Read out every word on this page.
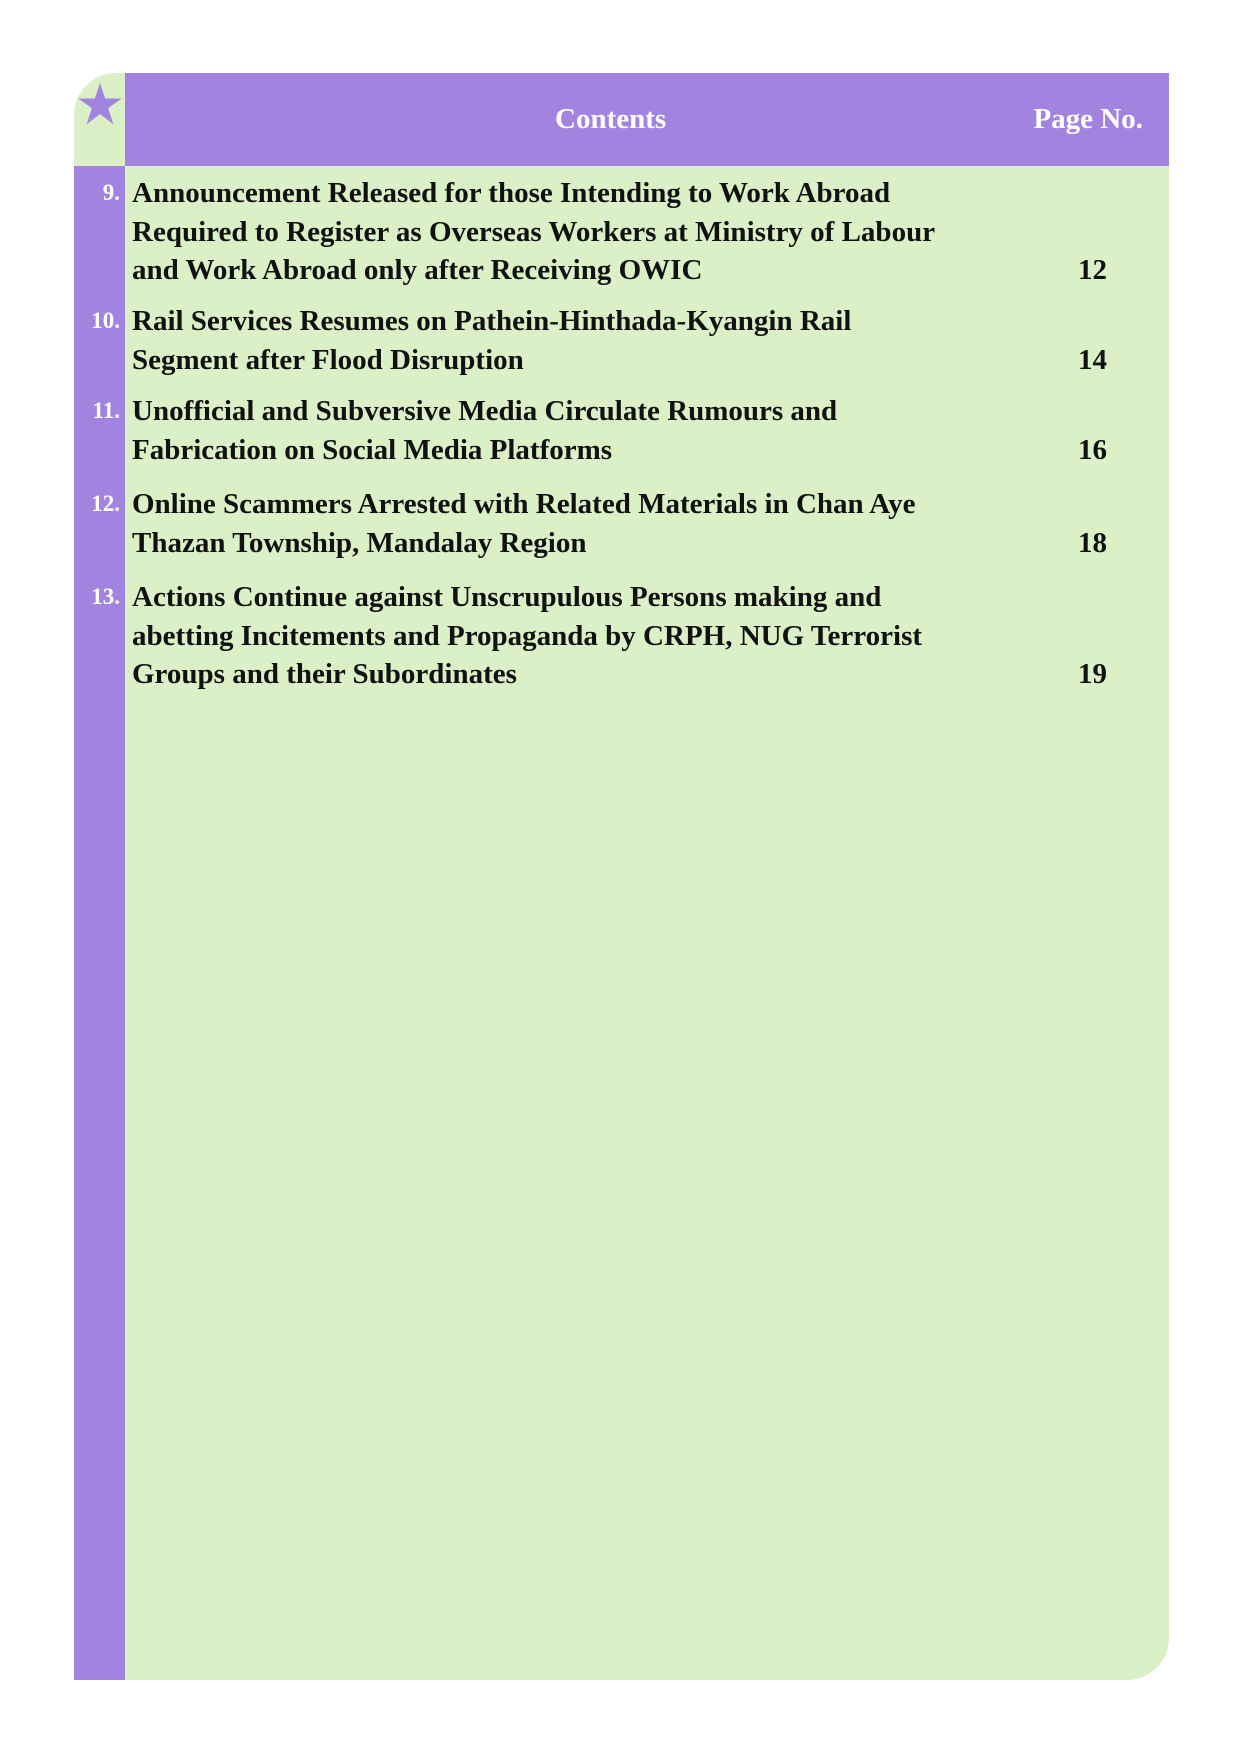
Contents	Page No.
9. Announcement Released for those Intending to Work Abroad
Required to Register as Overseas Workers at Ministry of Labour
and Work Abroad only after Receiving OWIC	12
10. Rail Services Resumes on Pathein-Hinthada-Kyangin Rail
Segment after Flood Disruption	14
11. Unofficial and Subversive Media Circulate Rumours and
Fabrication on Social Media Platforms	16
12. Online Scammers Arrested with Related Materials in Chan Aye
Thazan Township, Mandalay Region	18
13. Actions Continue against Unscrupulous Persons making and
abetting Incitements and Propaganda by CRPH, NUG Terrorist
Groups and their Subordinates	19
